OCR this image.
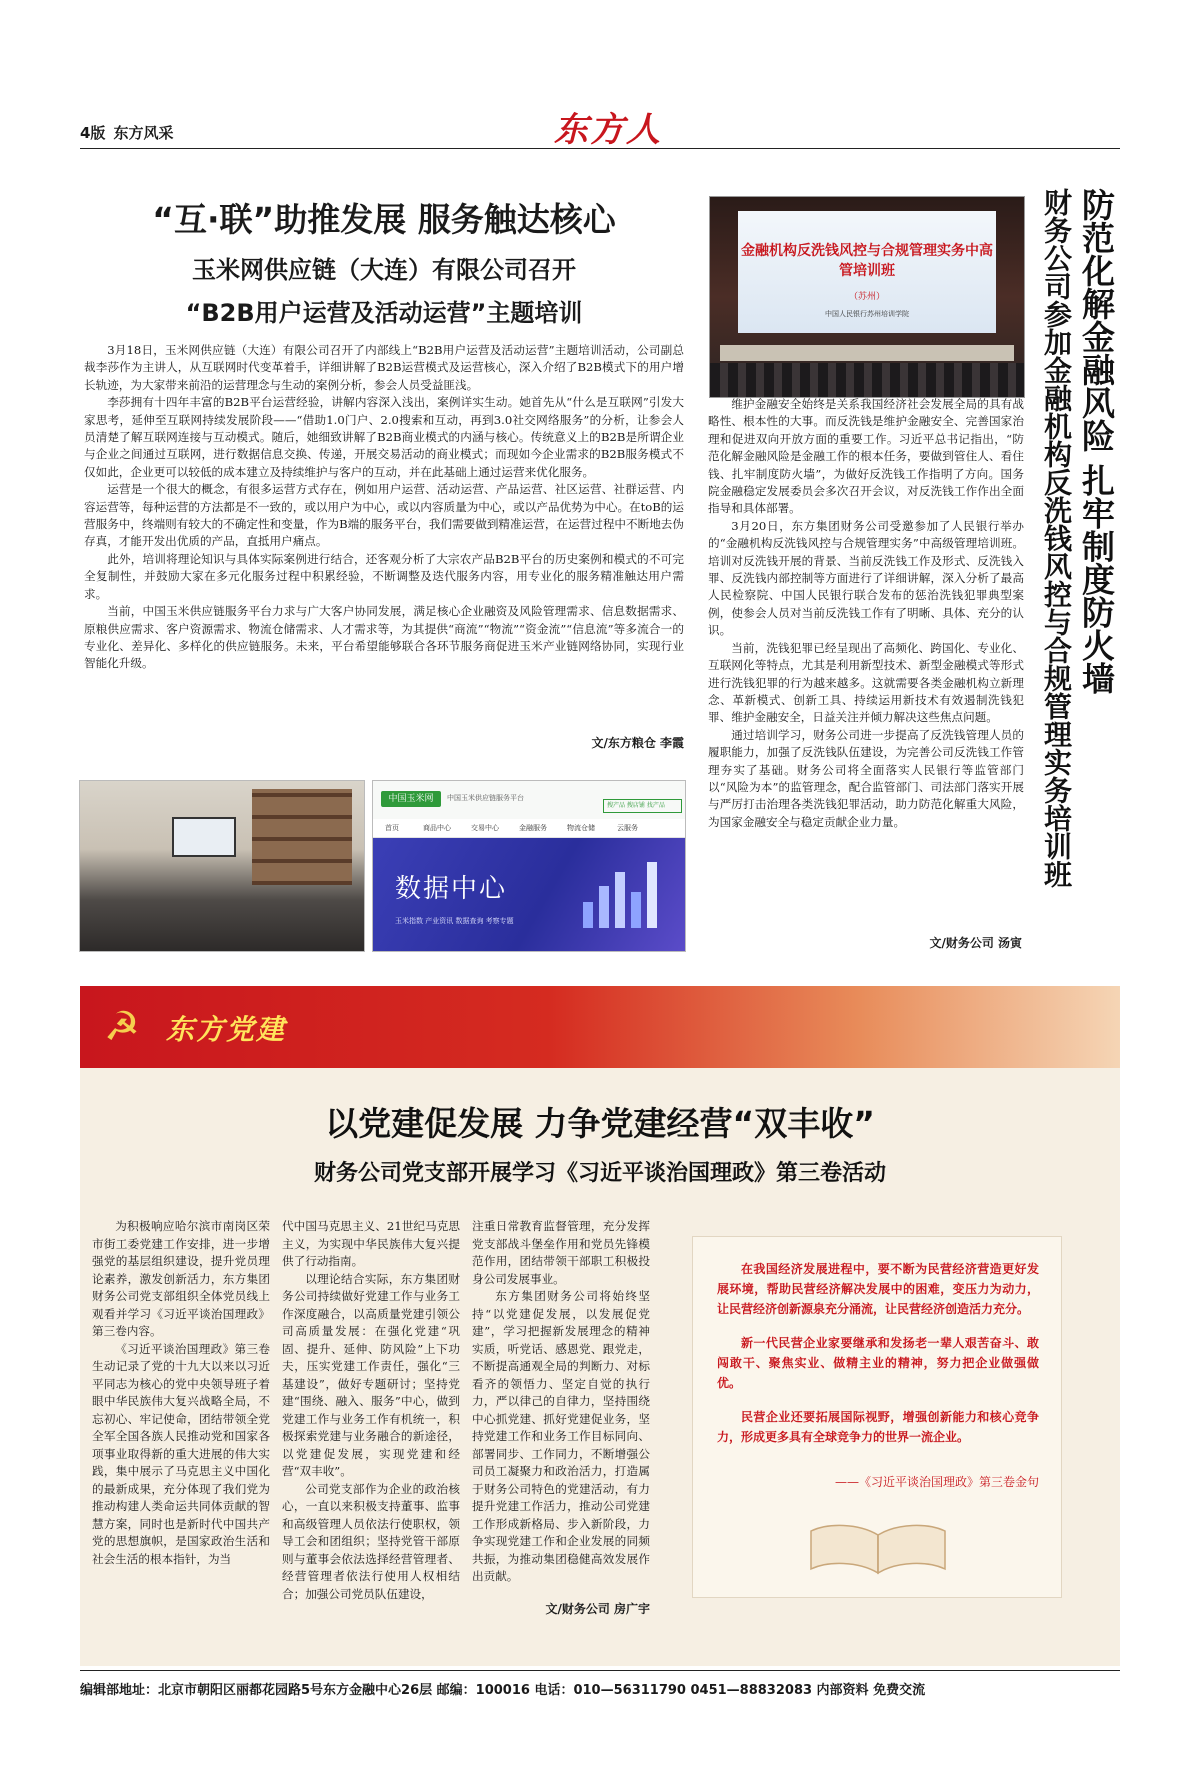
4版 东方风采	东方人
“互·联”助推发展 服务触达核心
玉米网供应链（大连）有限公司召开
“B2B用户运营及活动运营”主题培训

3月18日，玉米网供应链（大连）有限公司召开了内部线上“B2B用户运营及活动运营”主题培训活动，公司副总裁李莎作为主讲人，从互联网时代变革着手，详细讲解了B2B运营模式及运营核心，深入介绍了B2B模式下的用户增长轨迹，为大家带来前沿的运营理念与生动的案例分析，参会人员受益匪浅。

李莎拥有十四年丰富的B2B平台运营经验，讲解内容深入浅出，案例详实生动。她首先从“什么是互联网”引发大家思考，延伸至互联网持续发展阶段——“借助1.0门户、2.0搜索和互动，再到3.0社交网络服务”的分析，让参会人员清楚了解互联网连接与互动模式。随后，她细致讲解了B2B商业模式的内涵与核心。传统意义上的B2B是所谓企业与企业之间通过互联网，进行数据信息交换、传递，开展交易活动的商业模式；而现如今企业需求的B2B服务模式不仅如此，企业更可以较低的成本建立及持续维护与客户的互动，并在此基础上通过运营来优化服务。

运营是一个很大的概念，有很多运营方式存在，例如用户运营、活动运营、产品运营、社区运营、社群运营、内容运营等，每种运营的方法都是不一致的，或以用户为中心，或以内容质量为中心，或以产品优势为中心。在toB的运营服务中，终端则有较大的不确定性和变量，作为B端的服务平台，我们需要做到精准运营，在运营过程中不断地去伪存真，才能开发出优质的产品，直抵用户痛点。

此外，培训将理论知识与具体实际案例进行结合，还客观分析了大宗农产品B2B平台的历史案例和模式的不可完全复制性，并鼓励大家在多元化服务过程中积累经验，不断调整及迭代服务内容，用专业化的服务精准触达用户需求。

当前，中国玉米供应链服务平台力求与广大客户协同发展，满足核心企业融资及风险管理需求、信息数据需求、原粮供应需求、客户资源需求、物流仓储需求、人才需求等，为其提供“商流”“物流”“资金流”“信息流”等多流合一的专业化、差异化、多样化的供应链服务。未来，平台希望能够联合各环节服务商促进玉米产业链网络协同，实现行业智能化升级。

文/东方粮仓 李霞
中国玉米网	中国玉米供应链服务平台
搜产品 搜店铺 找产品
首页	商品中心	交易中心	金融服务	物流仓储	云服务
数据中心
玉米指数 产业资讯 数据查询 考察专题
金融机构反洗钱风控与合规管理实务中高管培训班
（苏州）
中国人民银行苏州培训学院	防范化解金融风险 扎牢制度防火墙
财务公司参加金融机构反洗钱风控与合规管理实务培训班

维护金融安全始终是关系我国经济社会发展全局的具有战略性、根本性的大事。而反洗钱是维护金融安全、完善国家治理和促进双向开放方面的重要工作。习近平总书记指出，“防范化解金融风险是金融工作的根本任务，要做到管住人、看住钱、扎牢制度防火墙”，为做好反洗钱工作指明了方向。国务院金融稳定发展委员会多次召开会议，对反洗钱工作作出全面指导和具体部署。

3月20日，东方集团财务公司受邀参加了人民银行举办的“金融机构反洗钱风控与合规管理实务”中高级管理培训班。培训对反洗钱开展的背景、当前反洗钱工作及形式、反洗钱入罪、反洗钱内部控制等方面进行了详细讲解，深入分析了最高人民检察院、中国人民银行联合发布的惩治洗钱犯罪典型案例，使参会人员对当前反洗钱工作有了明晰、具体、充分的认识。

当前，洗钱犯罪已经呈现出了高频化、跨国化、专业化、互联网化等特点，尤其是利用新型技术、新型金融模式等形式进行洗钱犯罪的行为越来越多。这就需要各类金融机构立新理念、革新模式、创新工具、持续运用新技术有效遏制洗钱犯罪、维护金融安全，日益关注并倾力解决这些焦点问题。

通过培训学习，财务公司进一步提高了反洗钱管理人员的履职能力，加强了反洗钱队伍建设，为完善公司反洗钱工作管理夯实了基础。财务公司将全面落实人民银行等监管部门以“风险为本”的监管理念，配合监管部门、司法部门落实开展与严厉打击治理各类洗钱犯罪活动，助力防范化解重大风险，为国家金融安全与稳定贡献企业力量。

文/财务公司 汤寅
☭ 东方党建
以党建促发展 力争党建经营“双丰收”
财务公司党支部开展学习《习近平谈治国理政》第三卷活动

为积极响应哈尔滨市南岗区荣市街工委党建工作安排，进一步增强党的基层组织建设，提升党员理论素养，激发创新活力，东方集团财务公司党支部组织全体党员线上观看并学习《习近平谈治国理政》第三卷内容。

《习近平谈治国理政》第三卷生动记录了党的十九大以来以习近平同志为核心的党中央领导班子着眼中华民族伟大复兴战略全局，不忘初心、牢记使命，团结带领全党全军全国各族人民推动党和国家各项事业取得新的重大进展的伟大实践，集中展示了马克思主义中国化的最新成果，充分体现了我们党为推动构建人类命运共同体贡献的智慧方案，同时也是新时代中国共产党的思想旗帜，是国家政治生活和社会生活的根本指针，为当

代中国马克思主义、21世纪马克思主义，为实现中华民族伟大复兴提供了行动指南。

以理论结合实际，东方集团财务公司持续做好党建工作与业务工作深度融合，以高质量党建引领公司高质量发展：在强化党建“巩固、提升、延伸、防风险”上下功夫，压实党建工作责任，强化“三基建设”，做好专题研讨；坚持党建“围绕、融入、服务”中心，做到党建工作与业务工作有机统一，积极探索党建与业务融合的新途径，以党建促发展，实现党建和经营“双丰收”。

公司党支部作为企业的政治核心，一直以来积极支持董事、监事和高级管理人员依法行使职权，领导工会和团组织；坚持党管干部原则与董事会依法选择经营管理者、经营管理者依法行使用人权相结合；加强公司党员队伍建设，

注重日常教育监督管理，充分发挥党支部战斗堡垒作用和党员先锋模范作用，团结带领干部职工积极投身公司发展事业。

东方集团财务公司将始终坚持“以党建促发展，以发展促党建”，学习把握新发展理念的精神实质，听党话、感恩党、跟党走，不断提高通观全局的判断力、对标看齐的领悟力、坚定自觉的执行力，严以律己的自律力，坚持围绕中心抓党建、抓好党建促业务，坚持党建工作和业务工作目标同向、部署同步、工作同力，不断增强公司员工凝聚力和政治活力，打造属于财务公司特色的党建活动，有力提升党建工作活力，推动公司党建工作形成新格局、步入新阶段，力争实现党建工作和企业发展的同频共振，为推动集团稳健高效发展作出贡献。

文/财务公司 房广宇

在我国经济发展进程中，要不断为民营经济营造更好发展环境，帮助民营经济解决发展中的困难，变压力为动力，让民营经济创新源泉充分涌流，让民营经济创造活力充分。

新一代民营企业家要继承和发扬老一辈人艰苦奋斗、敢闯敢干、聚焦实业、做精主业的精神，努力把企业做强做优。

民营企业还要拓展国际视野，增强创新能力和核心竞争力，形成更多具有全球竞争力的世界一流企业。

——《习近平谈治国理政》第三卷金句
编辑部地址：北京市朝阳区丽都花园路5号东方金融中心26层 邮编：100016 电话：010—56311790 0451—88832083 内部资料 免费交流
